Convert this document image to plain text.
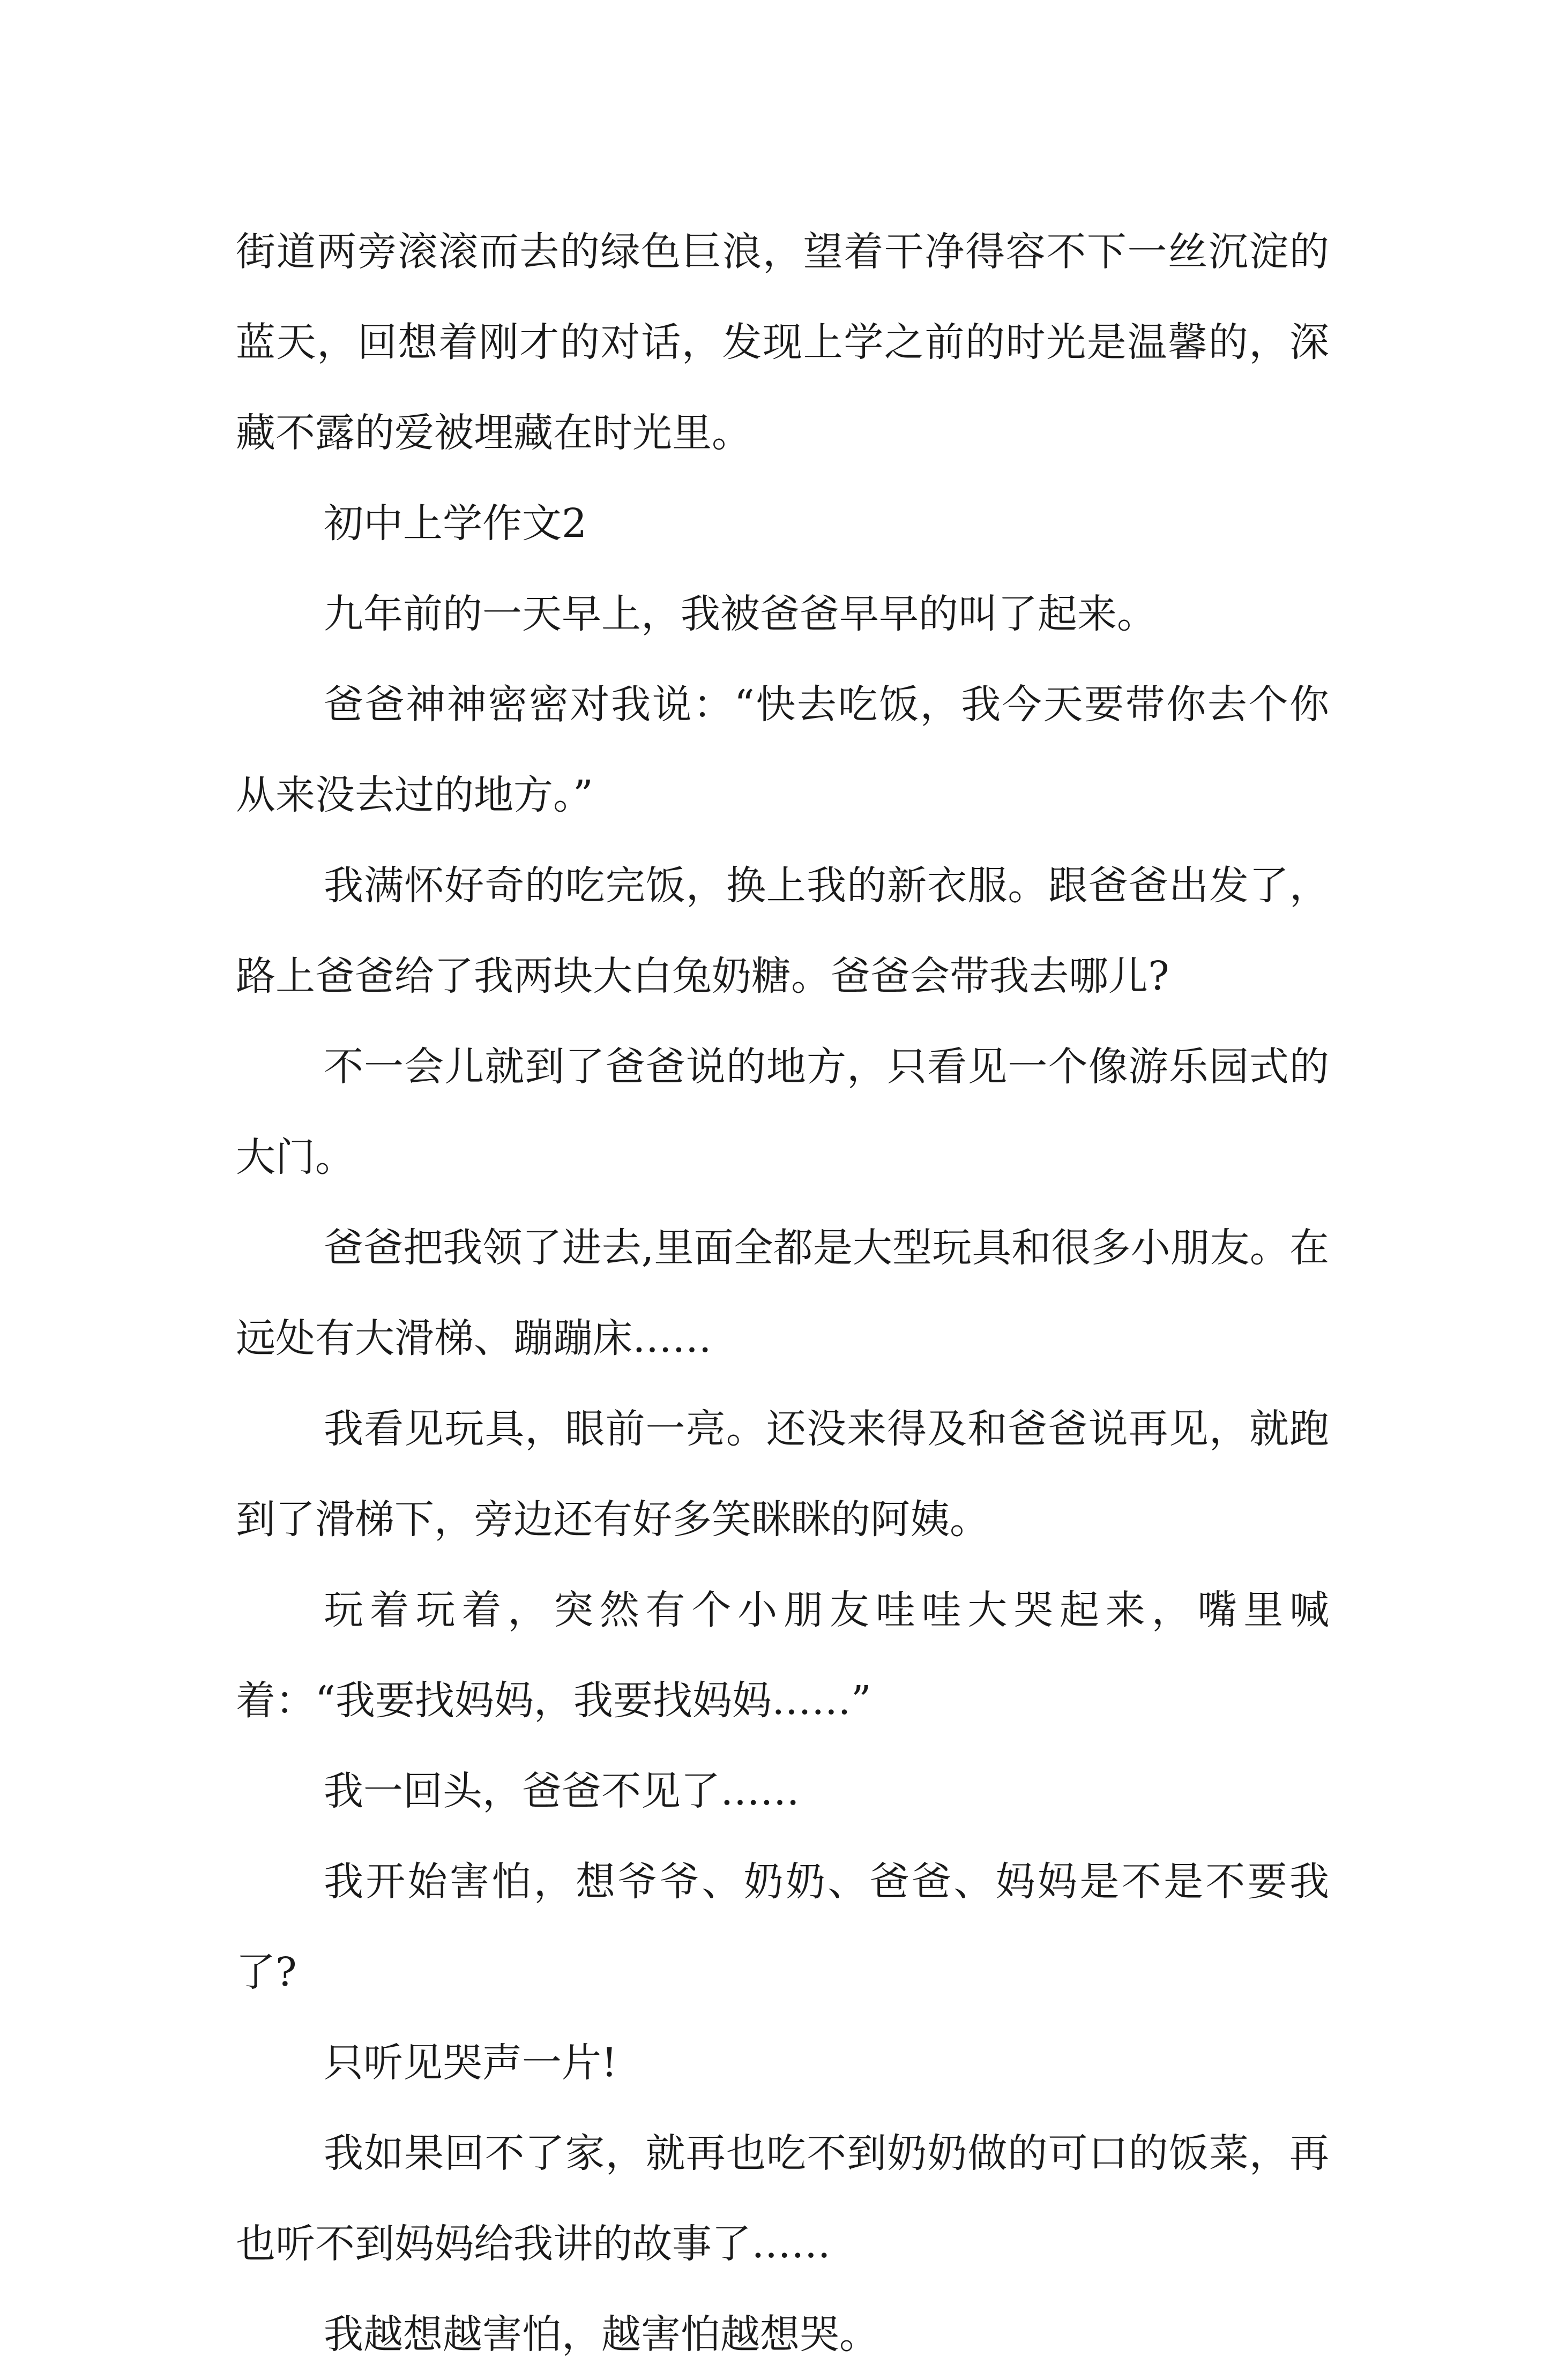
街道两旁滚滚而去的绿色巨浪，望着干净得容不下一丝沉淀的蓝天，回想着刚才的对话，发现上学之前的时光是温馨的，深藏不露的爱被埋藏在时光里。

初中上学作文2

九年前的一天早上，我被爸爸早早的叫了起来。

爸爸神神密密对我说：“快去吃饭，我今天要带你去个你从来没去过的地方。”

我满怀好奇的吃完饭，换上我的新衣服。跟爸爸出发了，路上爸爸给了我两块大白兔奶糖。爸爸会带我去哪儿?

不一会儿就到了爸爸说的地方，只看见一个像游乐园式的大门。

爸爸把我领了进去,里面全都是大型玩具和很多小朋友。在远处有大滑梯、蹦蹦床……

我看见玩具，眼前一亮。还没来得及和爸爸说再见，就跑到了滑梯下，旁边还有好多笑眯眯的阿姨。

玩着玩着，突然有个小朋友哇哇大哭起来，嘴里喊着：“我要找妈妈，我要找妈妈……”

我一回头，爸爸不见了……

我开始害怕，想爷爷、奶奶、爸爸、妈妈是不是不要我了?

只听见哭声一片!

我如果回不了家，就再也吃不到奶奶做的可口的饭菜，再也听不到妈妈给我讲的故事了……

我越想越害怕，越害怕越想哭。
